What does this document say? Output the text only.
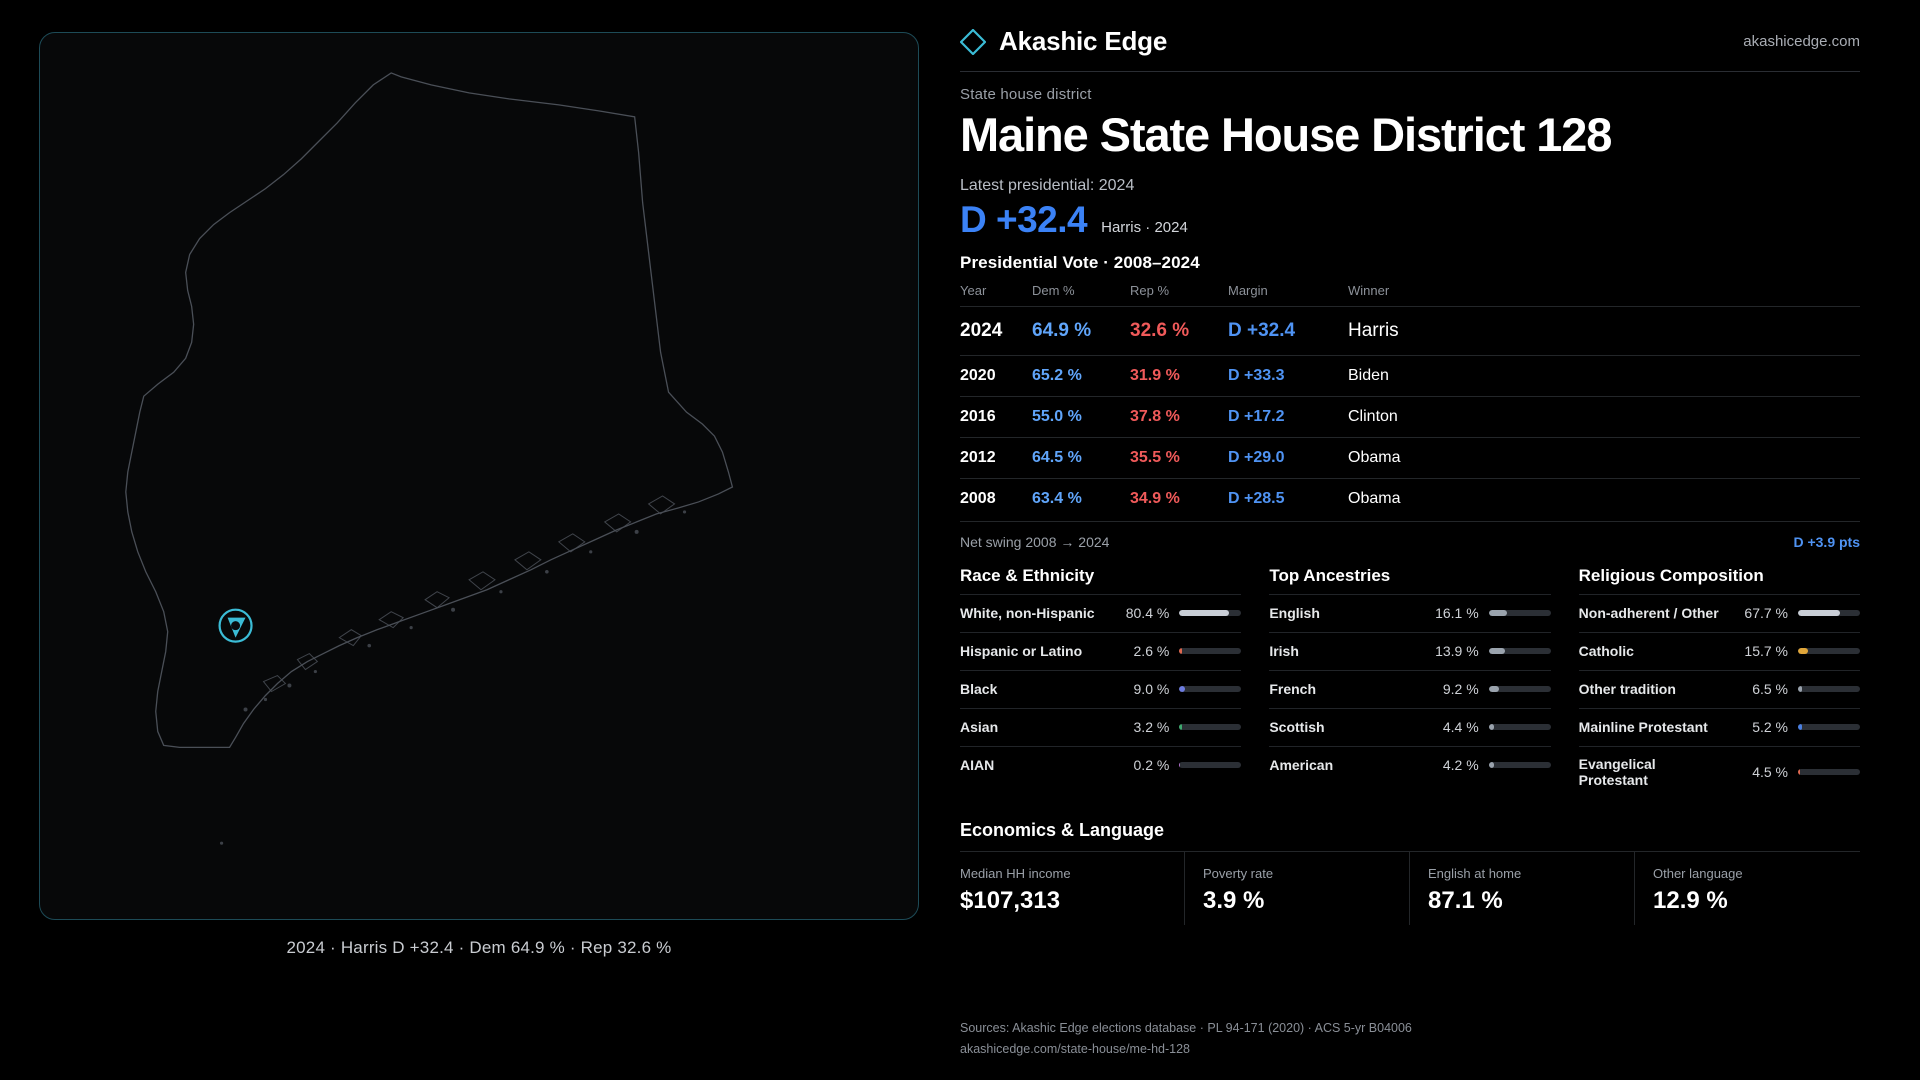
2024 · Harris D +32.4 · Dem 64.9 % · Rep 32.6 %
Akashic Edge	akashicedge.com
State house district
Maine State House District 128
Latest presidential: 2024
D +32.4 Harris · 2024
Presidential Vote · 2008–2024
Year	Dem %	Rep %	Margin	Winner
2024	64.9 %	32.6 %	D +32.4	Harris
2020	65.2 %	31.9 %	D +33.3	Biden
2016	55.0 %	37.8 %	D +17.2	Clinton
2012	64.5 %	35.5 %	D +29.0	Obama
2008	63.4 %	34.9 %	D +28.5	Obama
Net swing 2008 → 2024	D +3.9 pts
Race & Ethnicity
White, non-Hispanic	80.4 %
Hispanic or Latino	2.6 %
Black	9.0 %
Asian	3.2 %
AIAN	0.2 %
Top Ancestries
English	16.1 %
Irish	13.9 %
French	9.2 %
Scottish	4.4 %
American	4.2 %
Religious Composition
Non-adherent / Other	67.7 %
Catholic	15.7 %
Other tradition	6.5 %
Mainline Protestant	5.2 %
Evangelical Protestant	4.5 %
Economics & Language
Median HH income
$107,313
Poverty rate
3.9 %
English at home
87.1 %
Other language
12.9 %
Sources: Akashic Edge elections database · PL 94-171 (2020) · ACS 5-yr B04006
akashicedge.com/state-house/me-hd-128
